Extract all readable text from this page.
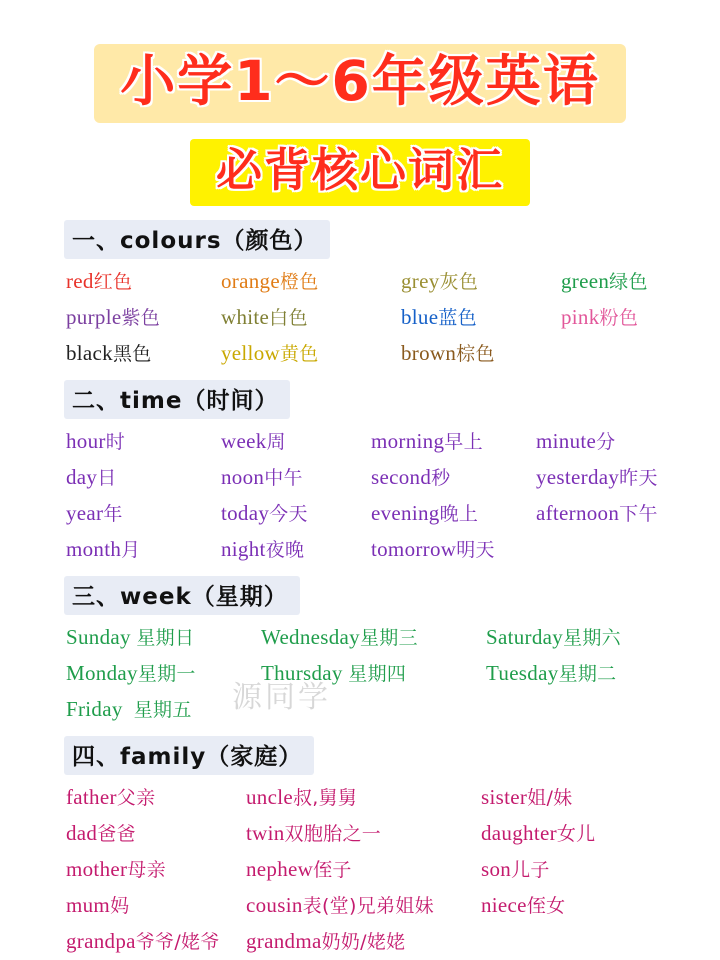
小学1～6年级英语 必背核心词汇
一、colours（颜色）
red红色	orange橙色	grey灰色	green绿色
purple紫色	white白色	blue蓝色	pink粉色
black黑色	yellow黄色	brown棕色
二、time（时间）
hour时	week周	morning早上	minute分
day日	noon中午	second秒	yesterday昨天
year年	today今天	evening晚上	afternoon下午
month月	night夜晚	tomorrow明天
三、week（星期）
Sunday 星期日	Wednesday星期三	Saturday星期六
Monday星期一	Thursday 星期四	Tuesday星期二
Friday 星期五
四、family（家庭）
father父亲	uncle叔,舅舅	sister姐/妹
dad爸爸	twin双胞胎之一	daughter女儿
mother母亲	nephew侄子	son儿子
mum妈	cousin表(堂)兄弟姐妹	niece侄女
grandpa爷爷/姥爷	grandma奶奶/姥姥
源同学
